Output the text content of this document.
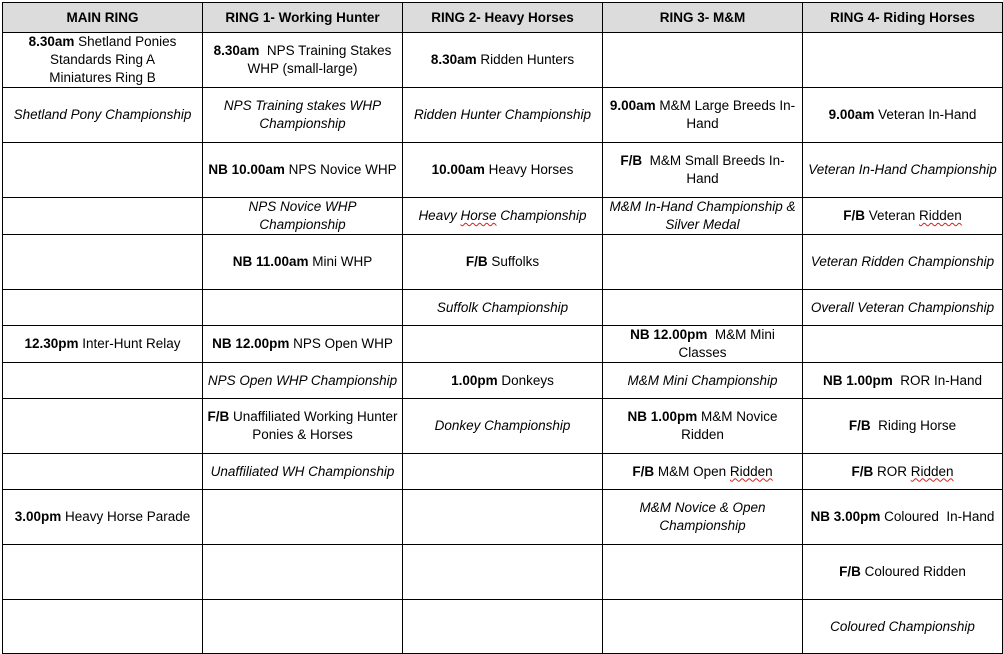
MAIN RING	RING 1- Working Hunter	RING 2- Heavy Horses	RING 3- M&M	RING 4- Riding Horses

8.30am Shetland Ponies
Standards Ring A
Miniatures Ring B	8.30am  NPS Training Stakes WHP (small-large)	8.30am Ridden Hunters		
Shetland Pony Championship	NPS Training stakes WHP Championship	Ridden Hunter Championship	9.00am M&M Large Breeds In-Hand	9.00am Veteran In-Hand
	NB 10.00am NPS Novice WHP	10.00am Heavy Horses	F/B  M&M Small Breeds In-Hand	Veteran In-Hand Championship
	NPS Novice WHP Championship	Heavy Horse Championship	M&M In-Hand Championship & Silver Medal	F/B Veteran Ridden
	NB 11.00am Mini WHP	F/B Suffolks		Veteran Ridden Championship
		Suffolk Championship		Overall Veteran Championship
12.30pm Inter-Hunt Relay	NB 12.00pm NPS Open WHP		NB 12.00pm  M&M Mini Classes	
	NPS Open WHP Championship	1.00pm Donkeys	M&M Mini Championship	NB 1.00pm  ROR In-Hand
	F/B Unaffiliated Working Hunter Ponies & Horses	Donkey Championship	NB 1.00pm M&M Novice Ridden	F/B  Riding Horse
	Unaffiliated WH Championship		F/B M&M Open Ridden	F/B ROR Ridden
3.00pm Heavy Horse Parade			M&M Novice & Open Championship	NB 3.00pm Coloured  In-Hand
				F/B Coloured Ridden
				Coloured Championship
